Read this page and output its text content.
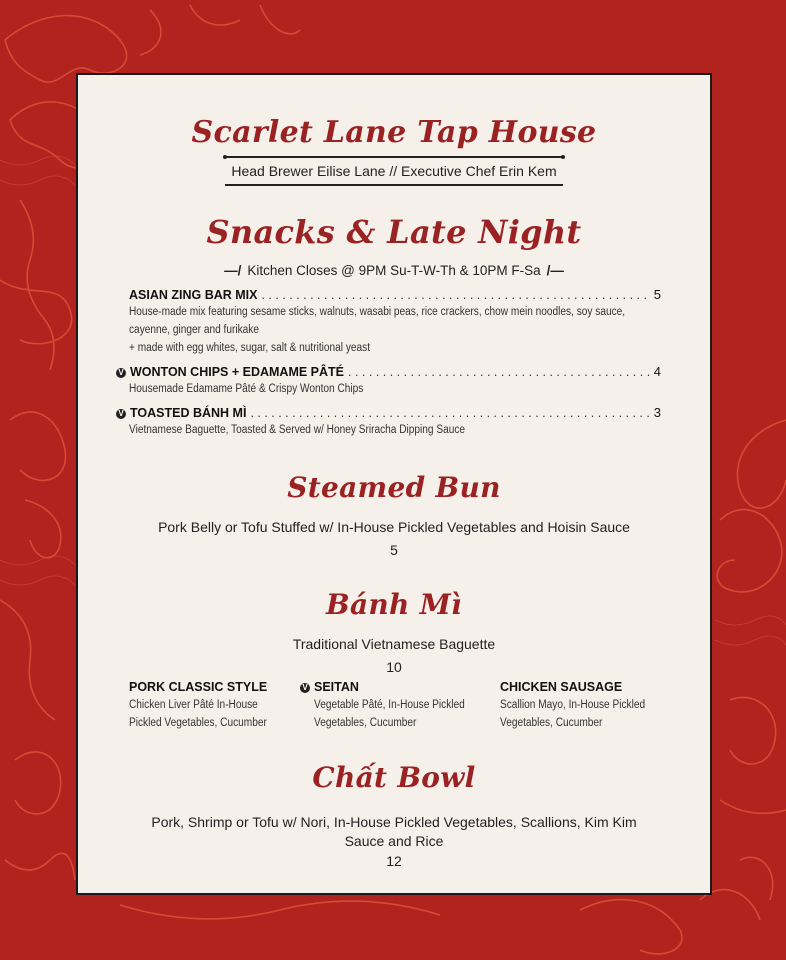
Scarlet Lane Tap House
Head Brewer Eilise Lane // Executive Chef Erin Kem
Snacks & Late Night
—/ Kitchen Closes @ 9PM Su-T-W-Th & 10PM F-Sa /—
ASIAN ZING BAR MIX . . .	5
House-made mix featuring sesame sticks, walnuts, wasabi peas, rice crackers, chow mein noodles, soy sauce,
cayenne, ginger and furikake
+ made with egg whites, sugar, salt & nutritional yeast
V WONTON CHIPS + EDAMAME PÂTÉ . . .	4
Housemade Edamame Pâté & Crispy Wonton Chips
V TOASTED BÁNH MÌ . . .	3
Vietnamese Baguette, Toasted & Served w/ Honey Sriracha Dipping Sauce
Steamed Bun
Pork Belly or Tofu Stuffed w/ In-House Pickled Vegetables and Hoisin Sauce
5
Bánh Mì
Traditional Vietnamese Baguette
10
PORK CLASSIC STYLE
Chicken Liver Pâté In-House
Pickled Vegetables, Cucumber
V SEITAN
Vegetable Pâté, In-House Pickled
Vegetables, Cucumber
CHICKEN SAUSAGE
Scallion Mayo, In-House Pickled
Vegetables, Cucumber
Chất Bowl
Pork, Shrimp or Tofu w/ Nori, In-House Pickled Vegetables, Scallions, Kim Kim
Sauce and Rice
12
